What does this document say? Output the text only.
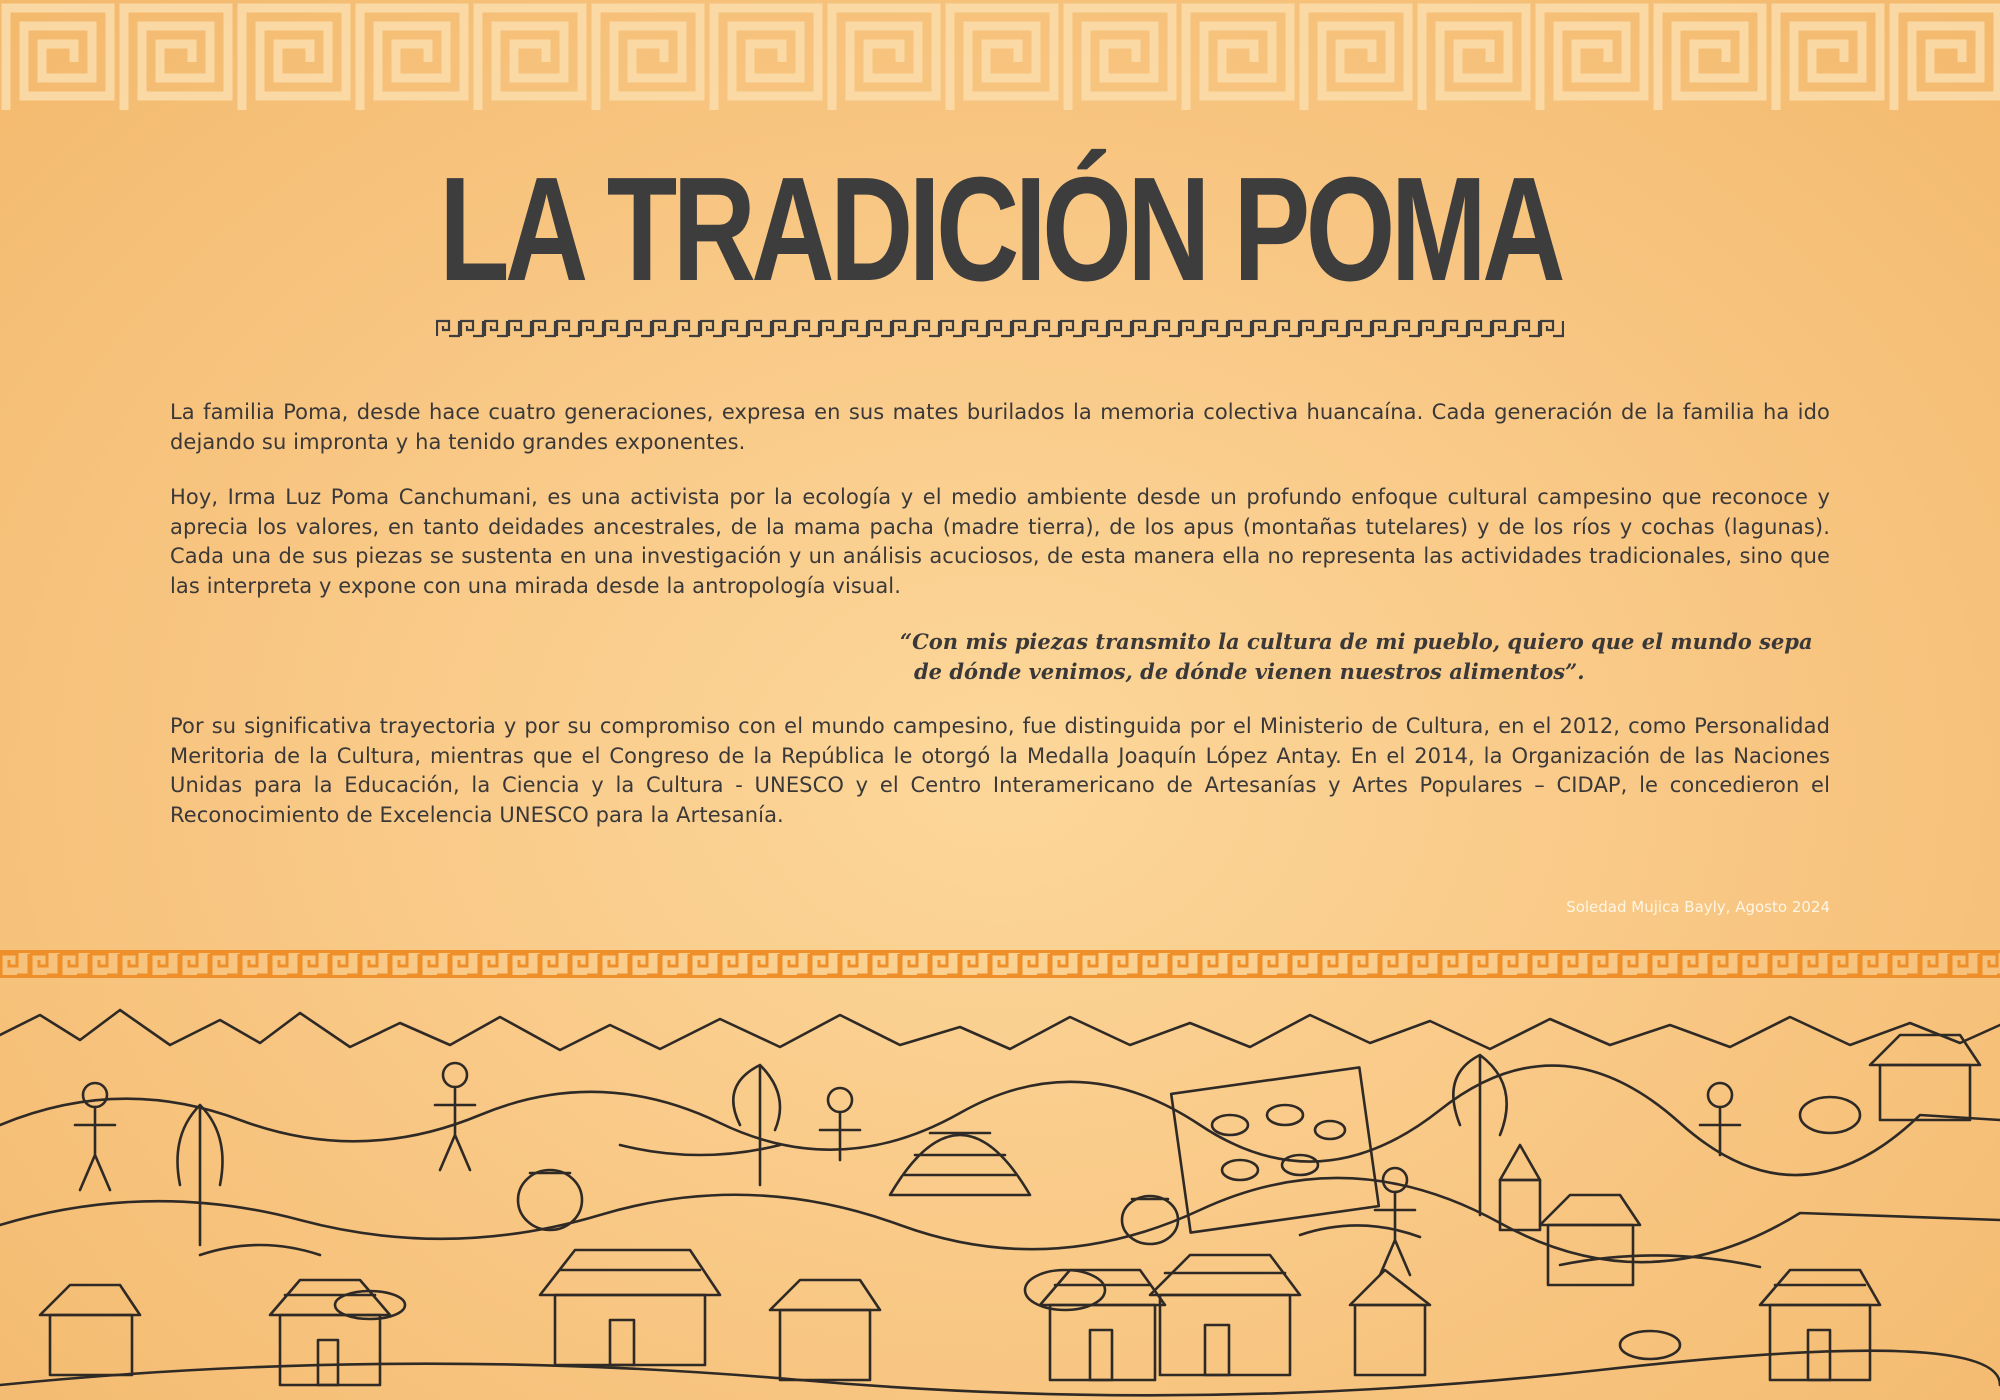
LA TRADICIÓN POMA

La familia Poma, desde hace cuatro generaciones, expresa en sus mates burilados la memoria colectiva huancaína. Cada generación de la familia ha ido dejando su impronta y ha tenido grandes exponentes.

Hoy, Irma Luz Poma Canchumani, es una activista por la ecología y el medio ambiente desde un profundo enfoque cultural campesino que reconoce y aprecia los valores, en tanto deidades ancestrales, de la mama pacha (madre tierra), de los apus (montañas tutelares) y de los ríos y cochas (lagunas). Cada una de sus piezas se sustenta en una investigación y un análisis acuciosos, de esta manera ella no representa las actividades tradicionales, sino que las interpreta y expone con una mirada desde la antropología visual.

“Con mis piezas transmito la cultura de mi pueblo, quiero que el mundo sepa
de dónde venimos, de dónde vienen nuestros alimentos”.

Por su significativa trayectoria y por su compromiso con el mundo campesino, fue distinguida por el Ministerio de Cultura, en el 2012, como Personalidad Meritoria de la Cultura, mientras que el Congreso de la República le otorgó la Medalla Joaquín López Antay. En el 2014, la Organización de las Naciones Unidas para la Educación, la Ciencia y la Cultura - UNESCO y el Centro Interamericano de Artesanías y Artes Populares – CIDAP, le concedieron el Reconocimiento de Excelencia UNESCO para la Artesanía.

Soledad Mujica Bayly, Agosto 2024
